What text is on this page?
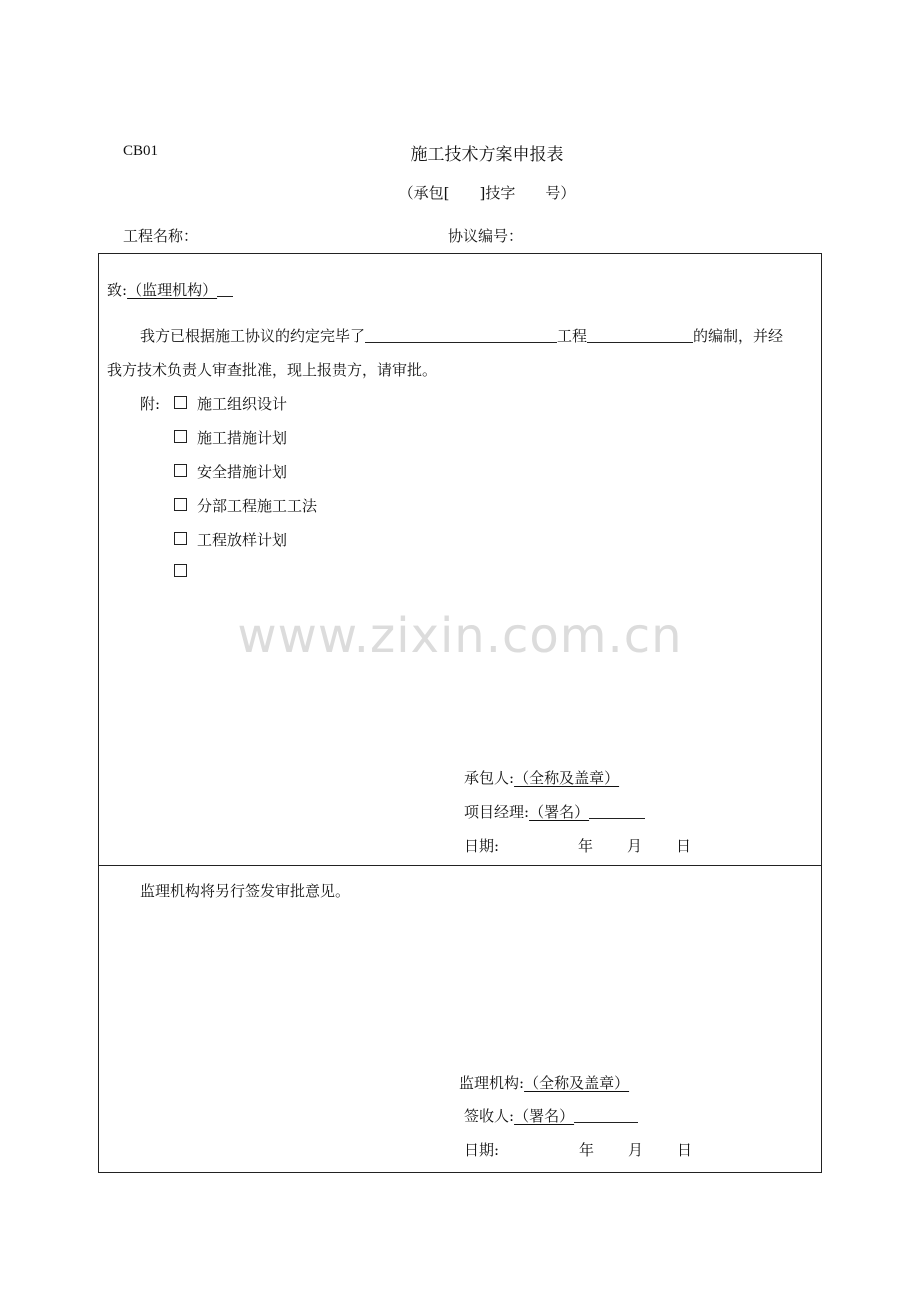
CB01	施工技术方案申报表
（承包[　　]技字　　号）
工程名称：	协议编号：
致:（监理机构）
我方已根据施工协议的约定完毕了	工程	的编制，并经
我方技术负责人审查批准，现上报贵方，请审批。
附:	施工组织设计
施工措施计划
安全措施计划
分部工程施工工法
工程放样计划
www.zixin.com.cn
承包人:（全称及盖章）
项目经理:（署名）
日期:	年 月 日
监理机构将另行签发审批意见。
监理机构:（全称及盖章）
签收人:（署名）
日期:	年 月 日
